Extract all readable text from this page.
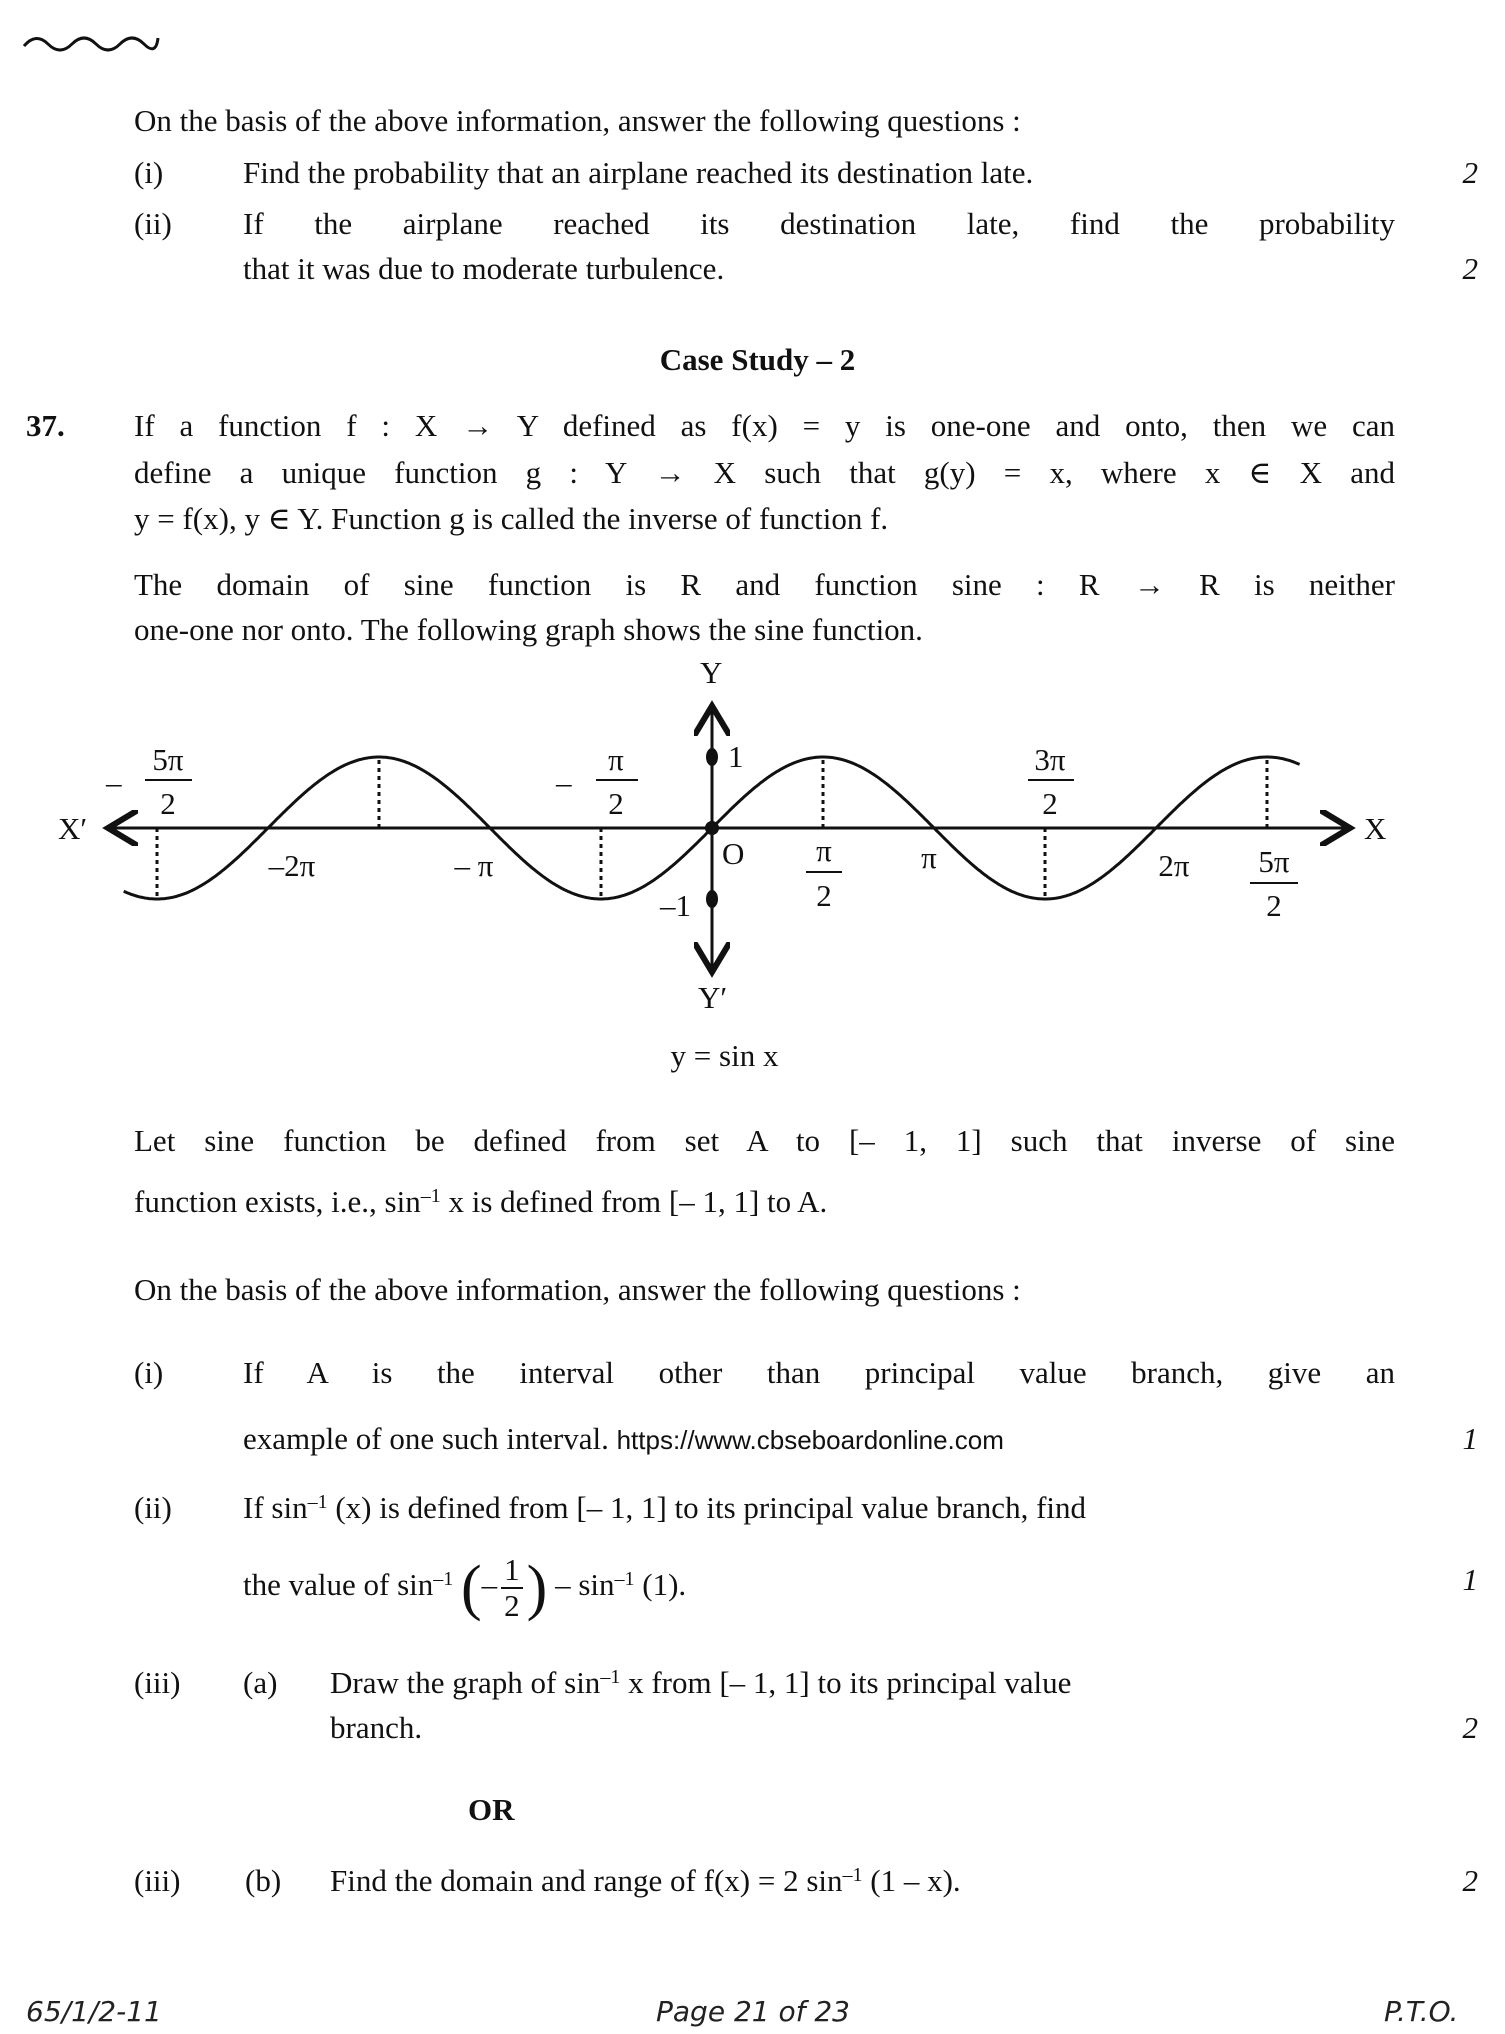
On the basis of the above information, answer the following questions :
(i)	Find the probability that an airplane reached its destination late.	2
(ii) If the airplane reached its destination late, find the probability
that it was due to moderate turbulence.	2
Case Study – 2
37. If a function f : X → Y defined as f(x) = y is one-one and onto, then we can
define a unique function g : Y → X such that g(y) = x, where x ∈ X and
y = f(x), y ∈ Y. Function g is called the inverse of function f.
The domain of sine function is R and function sine : R → R is neither
one-one nor onto. The following graph shows the sine function.
Y
Y′
X
X′
O
1
–1
–
5π
2
–
π
2
3π
2
–2π	– π	π	2π
π
2
5π
2
y = sin x
Let sine function be defined from set A to [– 1, 1] such that inverse of sine
function exists, i.e., $\sin^{-1} x$ is defined from [– 1, 1] to A.
On the basis of the above information, answer the following questions :
(i)	If A is the interval other than principal value branch, give an
example of one such interval. https://www.cbseboardonline.com	1
(ii) If $\sin^{-1} (x)$ is defined from [– 1, 1] to its principal value branch, find
the value of $\sin^{-1}$ (– $\frac{1}{2}$ ) – $\sin^{-1} (1)$.	1
(iii) (a) Draw the graph of $\sin^{-1} x$ from [– 1, 1] to its principal value
branch.	2
OR
(iii) (b) Find the domain and range of f(x) = 2 $\sin^{-1} (1 - x)$.	2
65/1/2-11	Page 21 of 23	P.T.O.
